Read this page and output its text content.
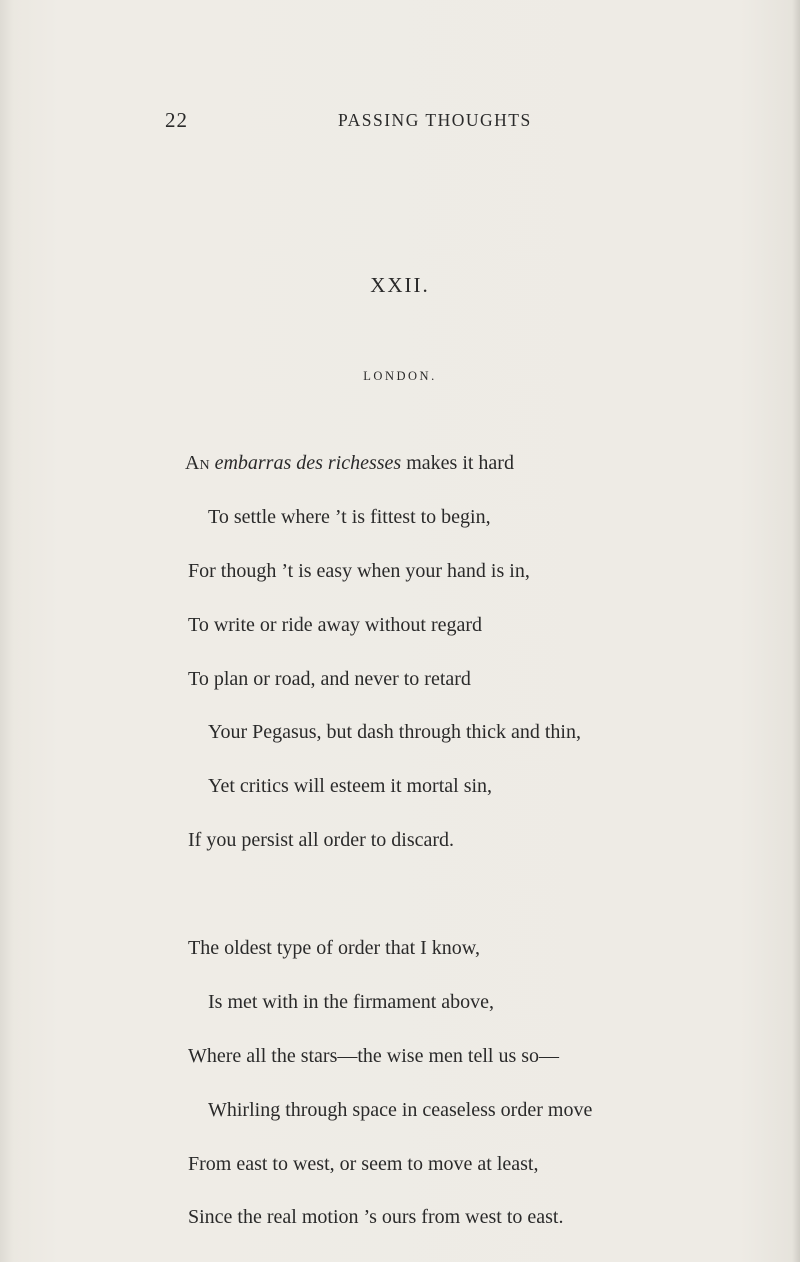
22	PASSING THOUGHTS
XXII.
LONDON.
An embarras des richesses makes it hard
To settle where ’t is fittest to begin,
For though ’t is easy when your hand is in,
To write or ride away without regard
To plan or road, and never to retard
Your Pegasus, but dash through thick and thin,
Yet critics will esteem it mortal sin,
If you persist all order to discard.
The oldest type of order that I know,
Is met with in the firmament above,
Where all the stars—the wise men tell us so—
Whirling through space in ceaseless order move
From east to west, or seem to move at least,
Since the real motion ’s ours from west to east.
